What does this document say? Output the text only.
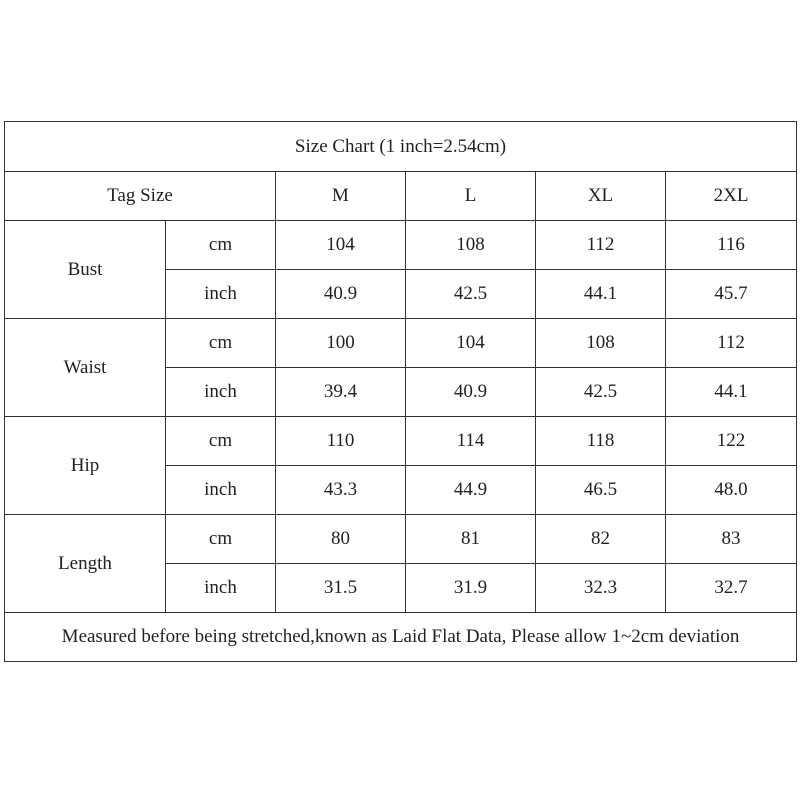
Size Chart (1 inch=2.54cm)					
Tag Size		M	L	XL	2XL
Bust	cm	104	108	112	116
	inch	40.9	42.5	44.1	45.7
Waist	cm	100	104	108	112
	inch	39.4	40.9	42.5	44.1
Hip	cm	110	114	118	122
	inch	43.3	44.9	46.5	48.0
Length	cm	80	81	82	83
	inch	31.5	31.9	32.3	32.7
Measured before being stretched,known as Laid Flat Data, Please allow 1~2cm deviation					
